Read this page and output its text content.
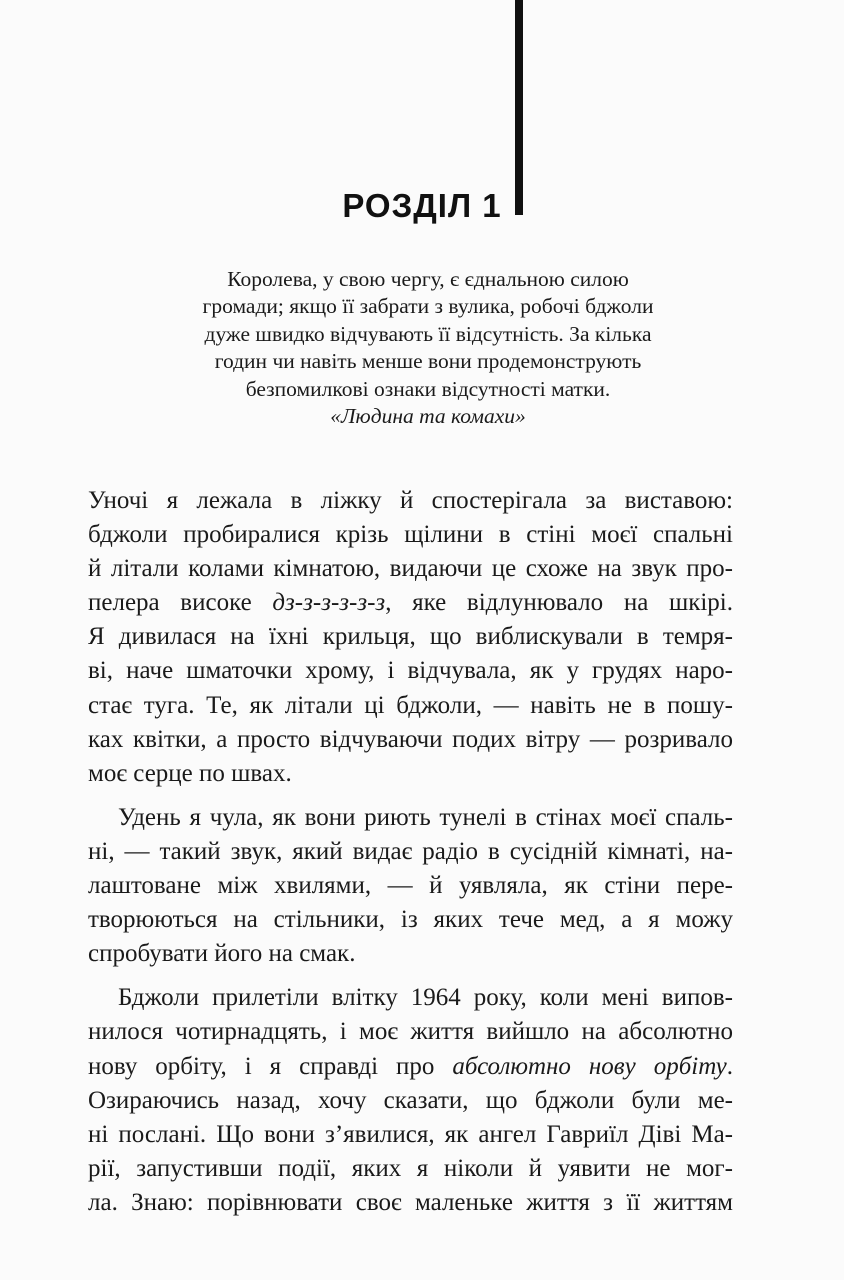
РОЗДІЛ 1
Королева, у свою чергу, є єднальною силою
громади; якщо її забрати з вулика, робочі бджоли
дуже швидко відчувають її відсутність. За кілька
годин чи навіть менше вони продемонструють
безпомилкові ознаки відсутності матки.
«Людина та комахи»
Уночі я лежала в ліжку й спостерігала за виставою:
бджоли пробиралися крізь щілини в стіні моєї спальні
й літали колами кімнатою, видаючи це схоже на звук про-
пелера високе дз-з-з-з-з-з, яке відлунювало на шкірі.
Я дивилася на їхні крильця, що виблискували в темря-
ві, наче шматочки хрому, і відчувала, як у грудях наро-
стає туга. Те, як літали ці бджоли, — навіть не в пошу-
ках квітки, а просто відчуваючи подих вітру — розривало
моє серце по швах.
Удень я чула, як вони риють тунелі в стінах моєї спаль-
ні, — такий звук, який видає радіо в сусідній кімнаті, на-
лаштоване між хвилями, — й уявляла, як стіни пере-
творюються на стільники, із яких тече мед, а я можу
спробувати його на смак.
Бджоли прилетіли влітку 1964 року, коли мені випов-
нилося чотирнадцять, і моє життя вийшло на абсолютно
нову орбіту, і я справді про абсолютно нову орбіту.
Озираючись назад, хочу сказати, що бджоли були ме-
ні послані. Що вони з’явилися, як ангел Гавриїл Діві Ма-
рії, запустивши події, яких я ніколи й уявити не мог-
ла. Знаю: порівнювати своє маленьке життя з її життям
